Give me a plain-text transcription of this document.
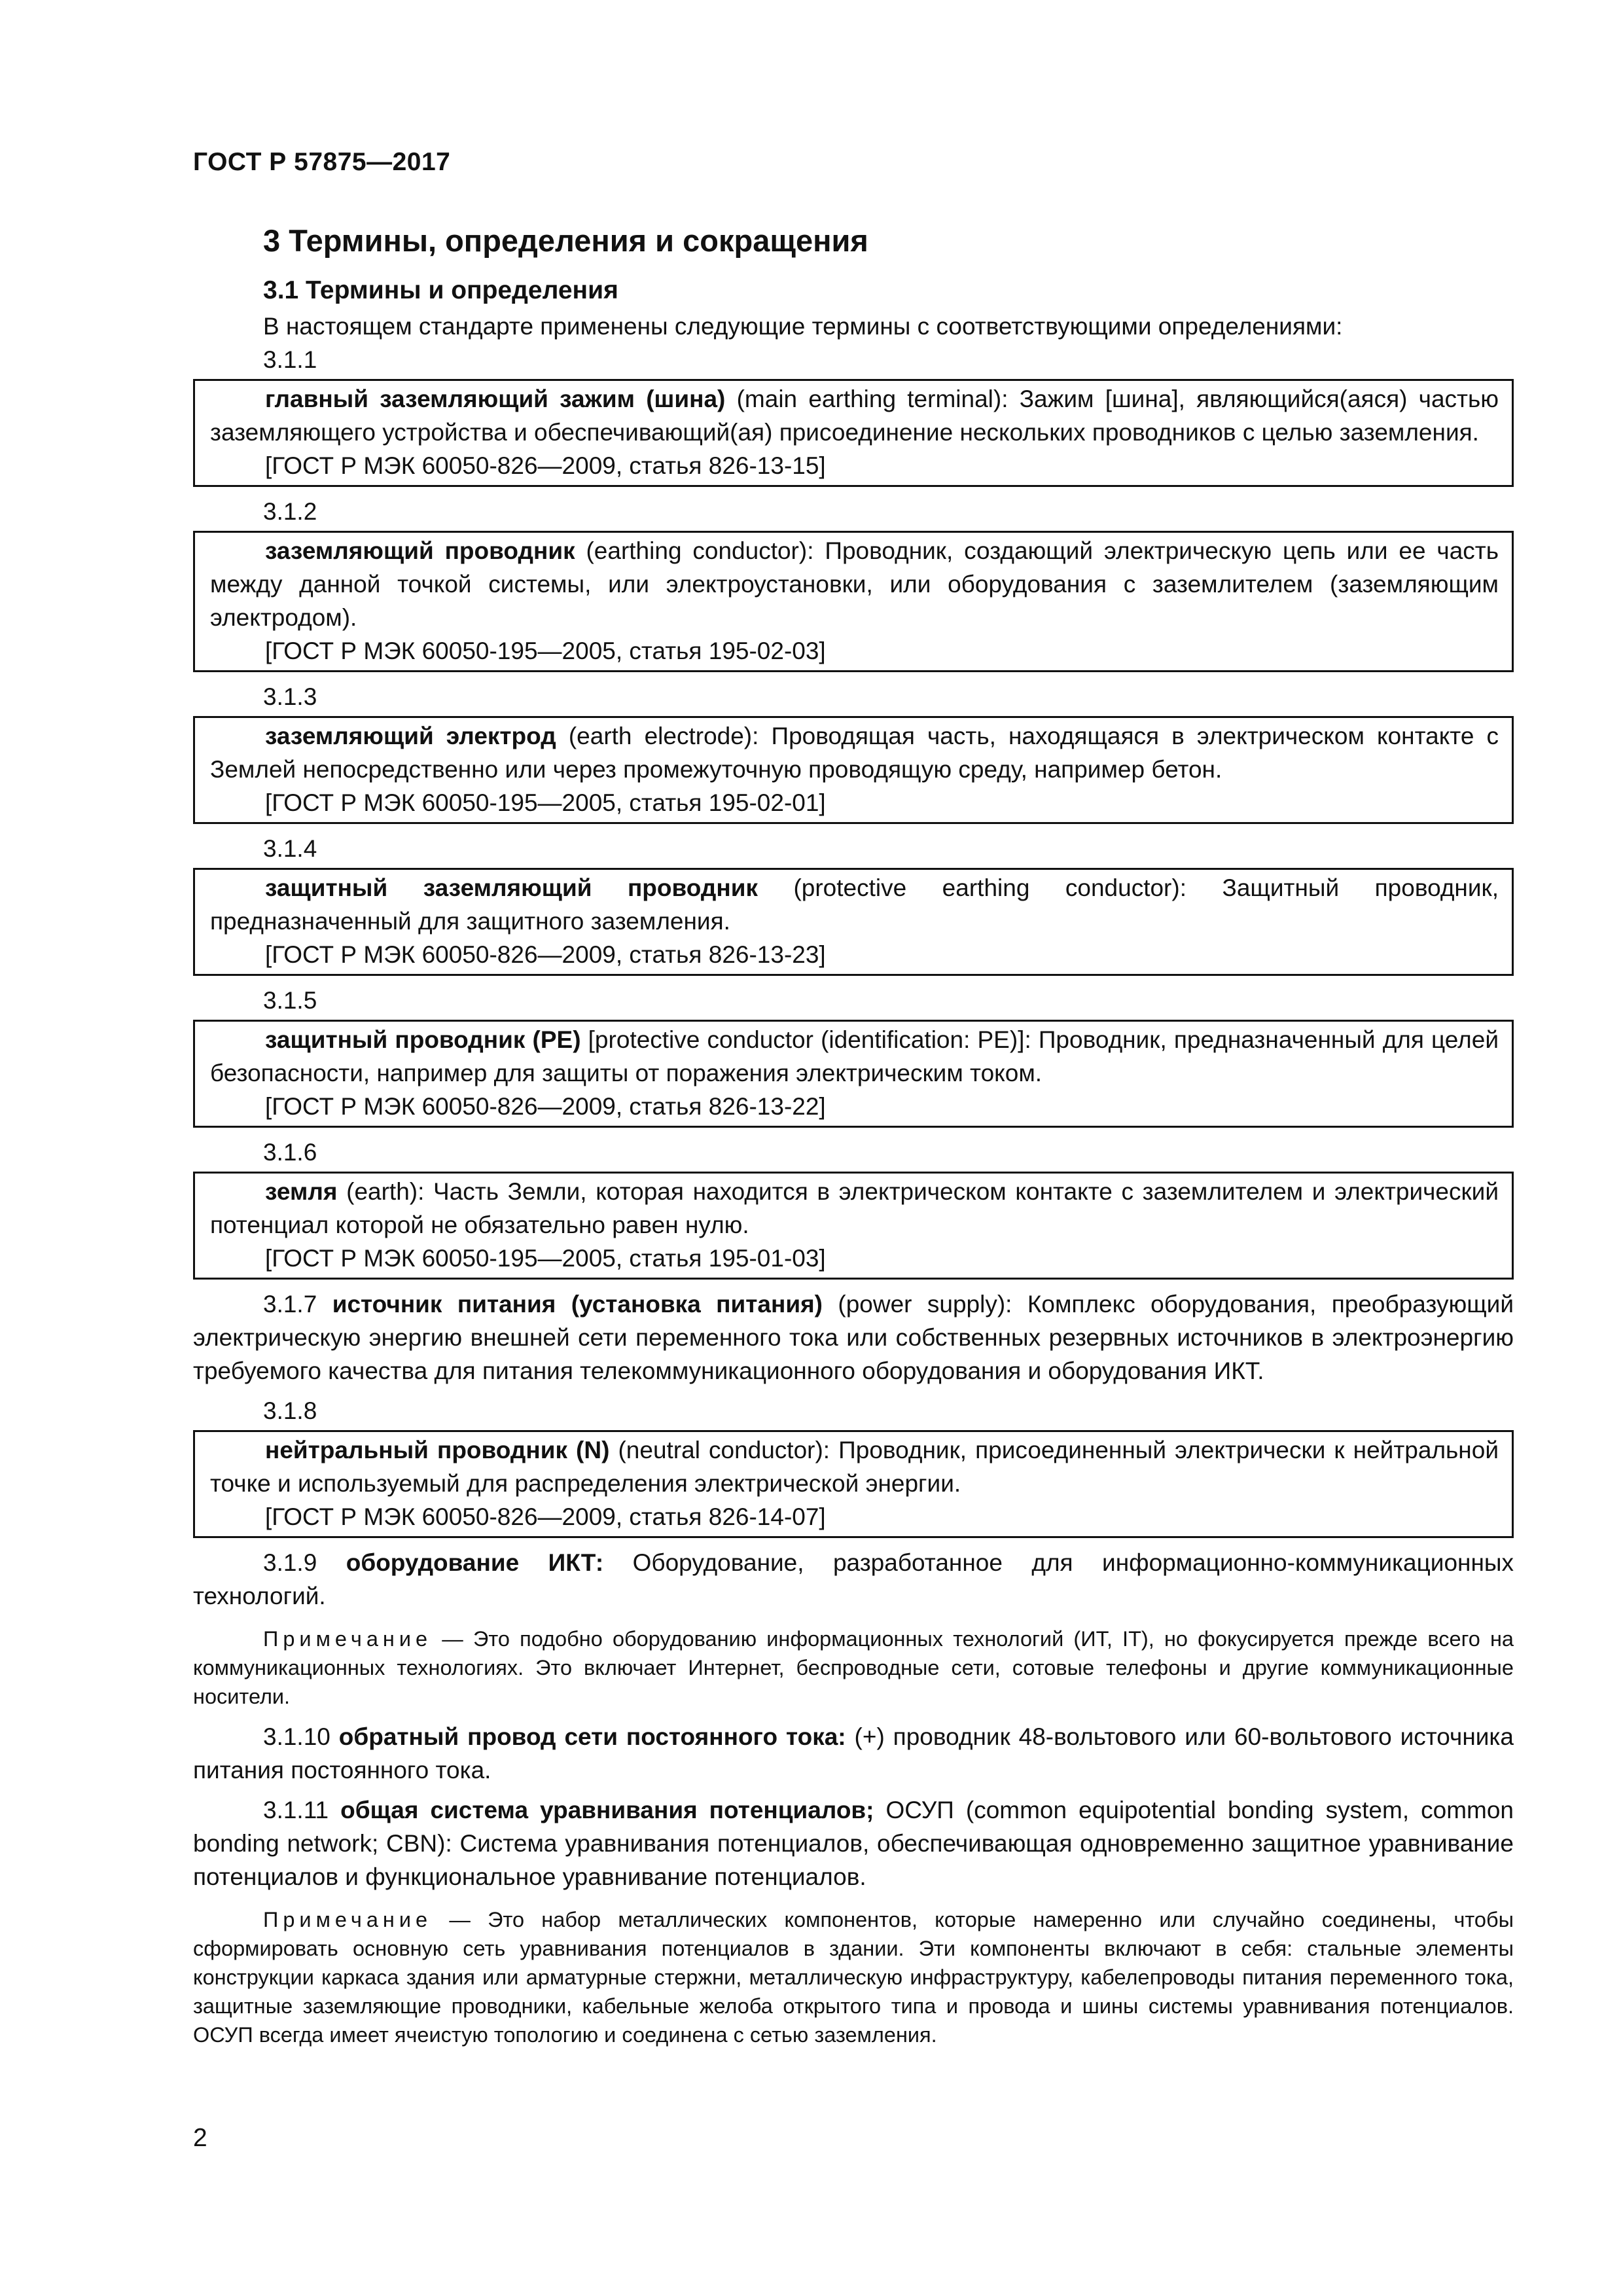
ГОСТ Р 57875—2017
3 Термины, определения и сокращения
3.1 Термины и определения
В настоящем стандарте применены следующие термины с соответствующими определениями:
3.1.1

главный заземляющий зажим (шина) (main earthing terminal): Зажим [шина], являющийся(аяся) частью заземляющего устройства и обеспечивающий(ая) присоединение нескольких проводников с целью заземления.

[ГОСТ Р МЭК 60050-826—2009, статья 826-13-15]
3.1.2

заземляющий проводник (earthing conductor): Проводник, создающий электрическую цепь или ее часть между данной точкой системы, или электроустановки, или оборудования с заземлителем (заземляющим электродом).

[ГОСТ Р МЭК 60050-195—2005, статья 195-02-03]
3.1.3

заземляющий электрод (earth electrode): Проводящая часть, находящаяся в электрическом контакте с Землей непосредственно или через промежуточную проводящую среду, например бетон.

[ГОСТ Р МЭК 60050-195—2005, статья 195-02-01]
3.1.4

защитный заземляющий проводник (protective earthing conductor): Защитный проводник, предназначенный для защитного заземления.

[ГОСТ Р МЭК 60050-826—2009, статья 826-13-23]
3.1.5

защитный проводник (PE) [protective conductor (identification: PE)]: Проводник, предназначенный для целей безопасности, например для защиты от поражения электрическим током.

[ГОСТ Р МЭК 60050-826—2009, статья 826-13-22]
3.1.6

земля (earth): Часть Земли, которая находится в электрическом контакте с заземлителем и электрический потенциал которой не обязательно равен нулю.

[ГОСТ Р МЭК 60050-195—2005, статья 195-01-03]

3.1.7 источник питания (установка питания) (power supply): Комплекс оборудования, преобразующий электрическую энергию внешней сети переменного тока или собственных резервных источников в электроэнергию требуемого качества для питания телекоммуникационного оборудования и оборудования ИКТ.

3.1.8

нейтральный проводник (N) (neutral conductor): Проводник, присоединенный электрически к нейтральной точке и используемый для распределения электрической энергии.

[ГОСТ Р МЭК 60050-826—2009, статья 826-14-07]

3.1.9 оборудование ИКТ: Оборудование, разработанное для информационно-коммуникационных технологий.

Примечание — Это подобно оборудованию информационных технологий (ИТ, IT), но фокусируется прежде всего на коммуникационных технологиях. Это включает Интернет, беспроводные сети, сотовые телефоны и другие коммуникационные носители.

3.1.10 обратный провод сети постоянного тока: (+) проводник 48-вольтового или 60-вольтового источника питания постоянного тока.

3.1.11 общая система уравнивания потенциалов; ОСУП (common equipotential bonding system, common bonding network; CBN): Система уравнивания потенциалов, обеспечивающая одновременно защитное уравнивание потенциалов и функциональное уравнивание потенциалов.

Примечание — Это набор металлических компонентов, которые намеренно или случайно соединены, чтобы сформировать основную сеть уравнивания потенциалов в здании. Эти компоненты включают в себя: стальные элементы конструкции каркаса здания или арматурные стержни, металлическую инфраструктуру, кабелепроводы питания переменного тока, защитные заземляющие проводники, кабельные желоба открытого типа и провода и шины системы уравнивания потенциалов. ОСУП всегда имеет ячеистую топологию и соединена с сетью заземления.

2
